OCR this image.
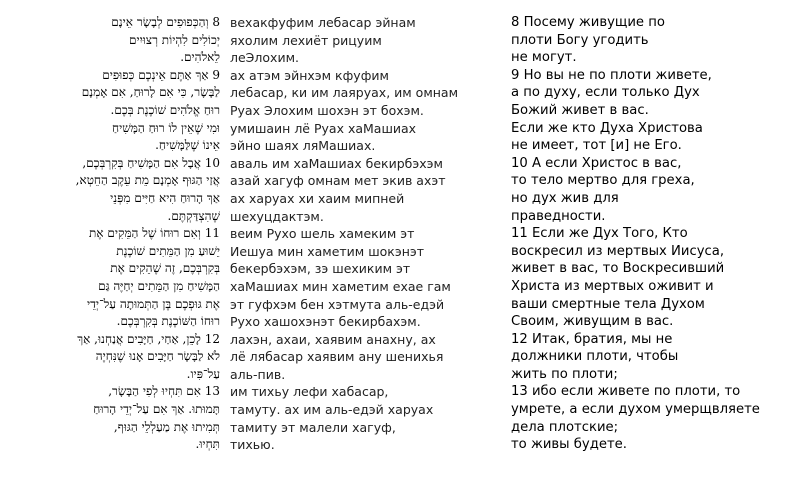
8 וְהַכְּפוּפִים לְבָשָׂר אֵינָם
יְכוֹלִים לִהְיוֹת רְצוּיִים
לֵאלֹהִים.
9 אַךְ אַתֶּם אֵינְכֶם כְּפוּפִים
לַבָּשָׂר, כִּי אִם לָרוּחַ, אִם אָמְנָם
רוּחַ אֱלֹהִים שׁוֹכֶנֶת בְּכֶם.
וּמִי שֶׁאֵין לוֹ רוּחַ הַמָּשִׁיחַ
אֵינוֹ שֶׁלַּמָּשִׁיחַ.
10 אֲבָל אִם הַמָּשִׁיחַ בְּקִרְבְּכֶם,
אֲזַי הַגּוּף אָמְנָם מֵת עֵקֶב הַחֵטְא,
אַךְ הָרוּחַ הִיא חַיִּים מִפְּנֵי
שֶׁהִצְדַּקְתֶּם.
11 וְאִם רוּחוֹ שֶׁל הַמֵּקִים אֶת
יֵשׁוּעַ מִן הַמֵּתִים שׁוֹכֶנֶת
בְּקִרְבְּכֶם, זֶה שֶׁהֵקִים אֶת
הַמָּשִׁיחַ מִן הַמֵּתִים יְחַיֶּה גַּם
אֶת גּוּפְכֶם בֶּן הַתְּמוּתָה עַל־יְדֵי
רוּחוֹ הַשּׁוֹכֶנֶת בְּקִרְבְּכֶם.
12 לָכֵן, אַחַי, חַיָּבִים אֲנַחְנוּ, אַךְ
לֹא לַבָּשָׂר חַיָּבִים אָנוּ שֶׁנִּחְיֶה
עַל־פִּיו.
13 אִם תִּחְיוּ לְפִי הַבָּשָׂר,
תָּמוּתוּ. אַךְ אִם עַל־יְדֵי הָרוּחַ
תְּמִיתוּ אֶת מַעַלְלֵי הַגּוּף,
תִּחְיוּ.
вехакфуфим лебасар эйнам
яхолим лехиёт рицуим
леЭлохим.
ах атэм эйнхэм кфуфим
лебасар, ки им лаяруах, им омнам
Руах Элохим шохэн эт бохэм.
умишаин лё Руах хаМашиах
эйно шаях ляМашиах.
аваль им хаМашиах бекирбэхэм
азай хагуф омнам мет экив ахэт
ах харуах хи хаим мипней
шехуцдактэм.
веим Рухо шель хамеким эт
Иешуа мин хаметим шокэнэт
бекербэхэм, зэ шехиким эт
хаМашиах мин хаметим ехае гам
эт гуфхэм бен хэтмута аль-едэй
Рухо хашохэнэт бекирбахэм.
лахэн, ахаи, хаявим анахну, ах
лё лябасар хаявим ану шенихья
аль-пив.
им тихьу лефи хабасар,
тамуту. ах им аль-едэй харуах
тамиту эт малели хагуф,
тихью.
8 Посему живущие по
плоти Богу угодить
не могут.
9 Но вы не по плоти живете,
а по духу, если только Дух
Божий живет в вас.
Если же кто Духа Христова
не имеет, тот [и] не Его.
10 А если Христос в вас,
то тело мертво для греха,
но дух жив для
праведности.
11 Если же Дух Того, Кто
воскресил из мертвых Иисуса,
живет в вас, то Воскресивший
Христа из мертвых оживит и
ваши смертные тела Духом
Своим, живущим в вас.
12 Итак, братия, мы не
должники плоти, чтобы
жить по плоти;
13 ибо если живете по плоти, то
умрете, а если духом умерщвляете
дела плотские;
то живы будете.
